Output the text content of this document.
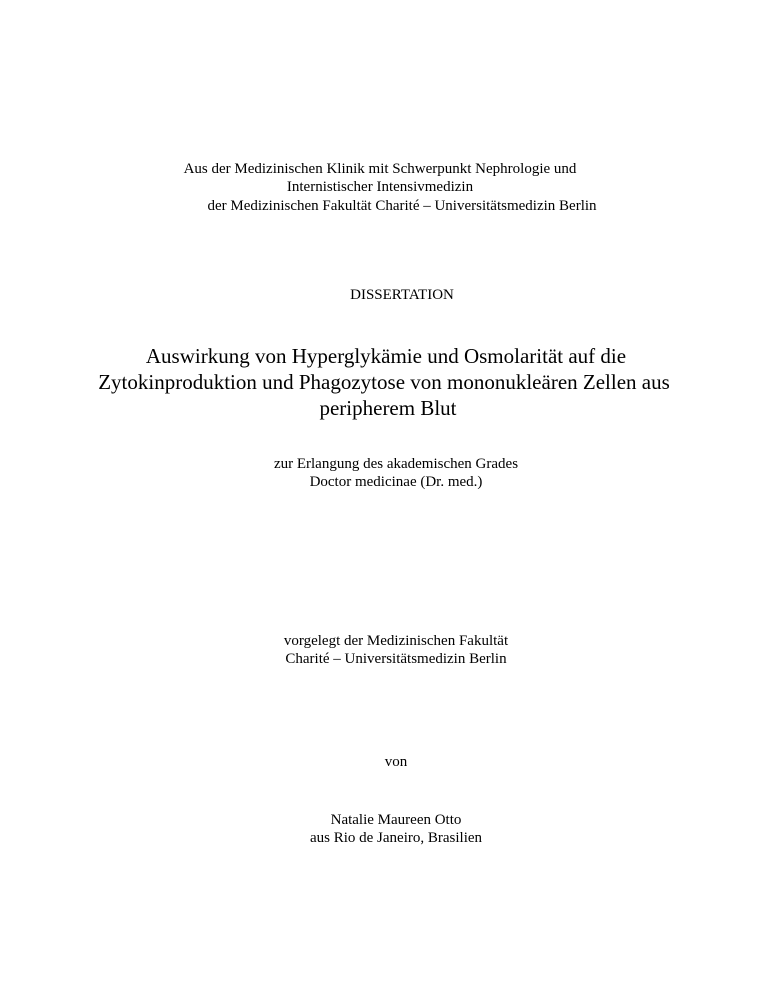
Aus der Medizinischen Klinik mit Schwerpunkt Nephrologie und
Internistischer Intensivmedizin
der Medizinischen Fakultät Charité – Universitätsmedizin Berlin
DISSERTATION
Auswirkung von Hyperglykämie und Osmolarität auf die
Zytokinproduktion und Phagozytose von mononukleären Zellen aus
peripherem Blut
zur Erlangung des akademischen Grades
Doctor medicinae (Dr. med.)
vorgelegt der Medizinischen Fakultät
Charité – Universitätsmedizin Berlin
von
Natalie Maureen Otto
aus Rio de Janeiro, Brasilien
